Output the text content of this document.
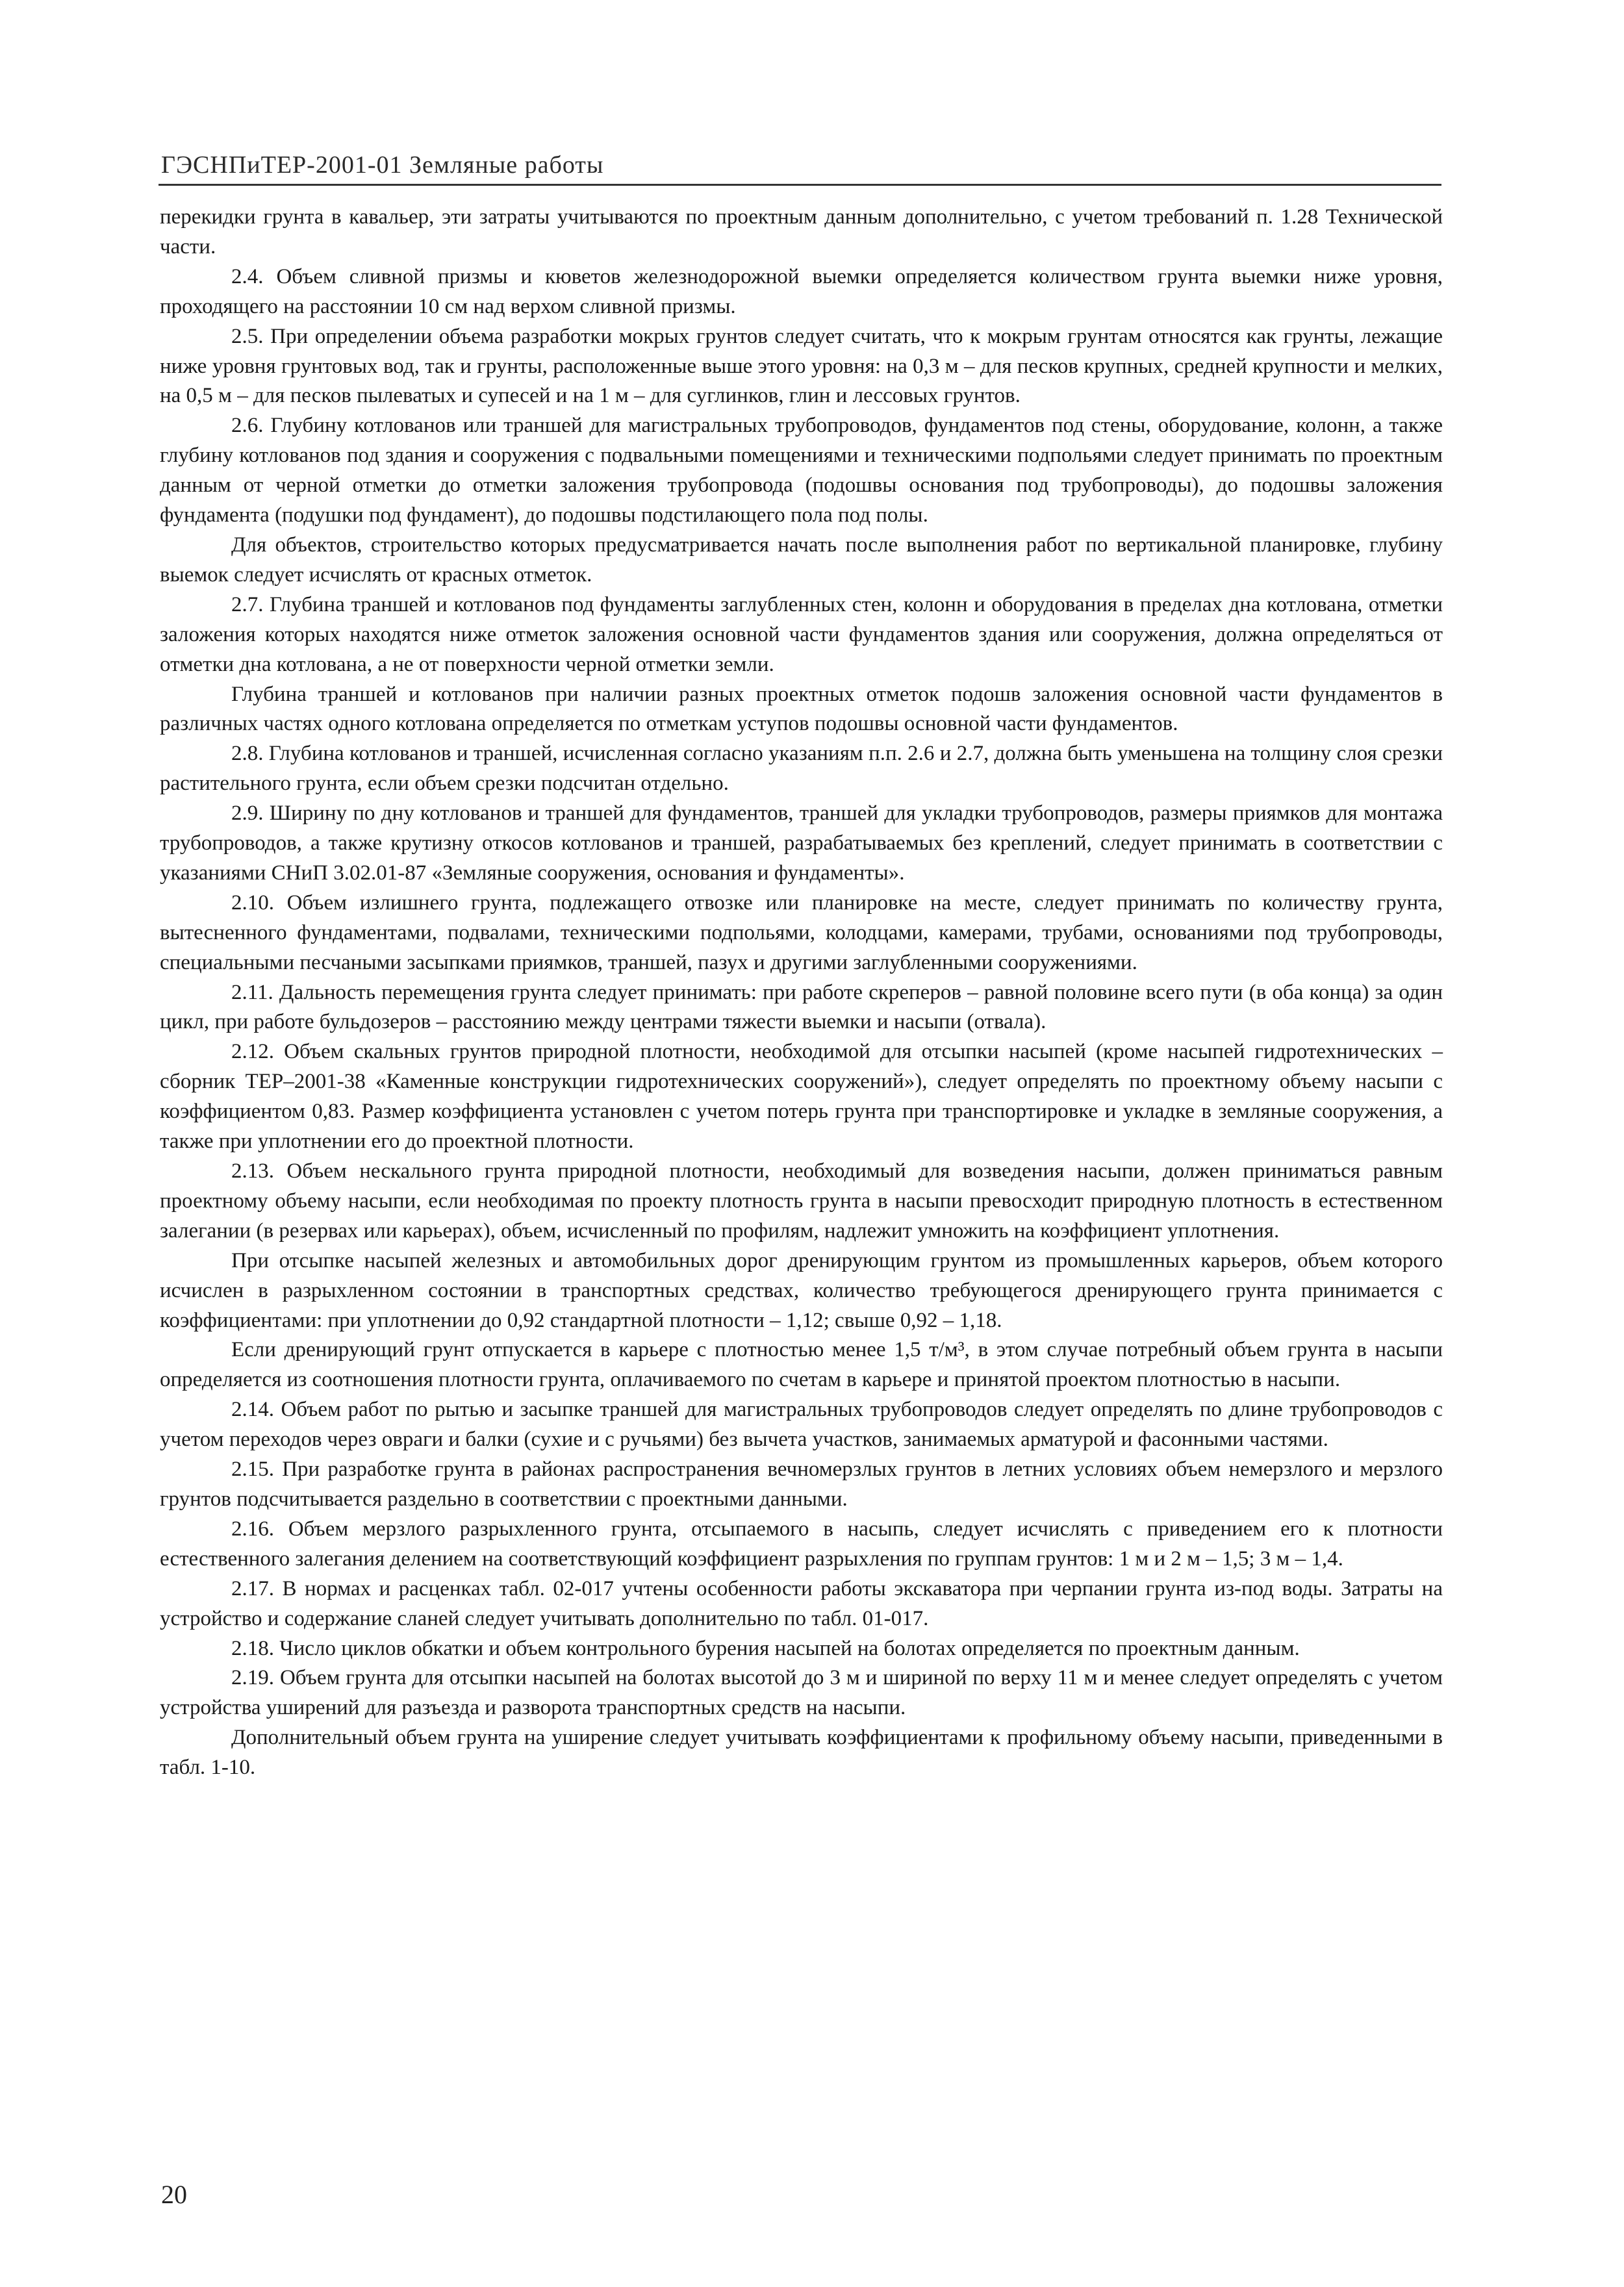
ГЭСНПиТЕР-2001-01 Земляные работы

перекидки грунта в кавальер, эти затраты учитываются по проектным данным дополнительно, с учетом требований п. 1.28 Технической части.

2.4. Объем сливной призмы и кюветов железнодорожной выемки определяется количеством грунта выемки ниже уровня, проходящего на расстоянии 10 см над верхом сливной призмы.

2.5. При определении объема разработки мокрых грунтов следует считать, что к мокрым грунтам относятся как грунты, лежащие ниже уровня грунтовых вод, так и грунты, расположенные выше этого уровня: на 0,3 м – для песков крупных, средней крупности и мелких, на 0,5 м – для песков пылеватых и супесей и на 1 м – для суглинков, глин и лессовых грунтов.

2.6. Глубину котлованов или траншей для магистральных трубопроводов, фундаментов под стены, оборудование, колонн, а также глубину котлованов под здания и сооружения с подвальными помещениями и техническими подпольями следует принимать по проектным данным от черной отметки до отметки заложения трубопровода (подошвы основания под трубопроводы), до подошвы заложения фундамента (подушки под фундамент), до подошвы подстилающего пола под полы.

Для объектов, строительство которых предусматривается начать после выполнения работ по вертикальной планировке, глубину выемок следует исчислять от красных отметок.

2.7. Глубина траншей и котлованов под фундаменты заглубленных стен, колонн и оборудования в пределах дна котлована, отметки заложения которых находятся ниже отметок заложения основной части фундаментов здания или сооружения, должна определяться от отметки дна котлована, а не от поверхности черной отметки земли.

Глубина траншей и котлованов при наличии разных проектных отметок подошв заложения основной части фундаментов в различных частях одного котлована определяется по отметкам уступов подошвы основной части фундаментов.

2.8. Глубина котлованов и траншей, исчисленная согласно указаниям п.п. 2.6 и 2.7, должна быть уменьшена на толщину слоя срезки растительного грунта, если объем срезки подсчитан отдельно.

2.9. Ширину по дну котлованов и траншей для фундаментов, траншей для укладки трубопроводов, размеры приямков для монтажа трубопроводов, а также крутизну откосов котлованов и траншей, разрабатываемых без креплений, следует принимать в соответствии с указаниями СНиП 3.02.01-87 «Земляные сооружения, основания и фундаменты».

2.10. Объем излишнего грунта, подлежащего отвозке или планировке на месте, следует принимать по количеству грунта, вытесненного фундаментами, подвалами, техническими подпольями, колодцами, камерами, трубами, основаниями под трубопроводы, специальными песчаными засыпками приямков, траншей, пазух и другими заглубленными сооружениями.

2.11. Дальность перемещения грунта следует принимать: при работе скреперов – равной половине всего пути (в оба конца) за один цикл, при работе бульдозеров – расстоянию между центрами тяжести выемки и насыпи (отвала).

2.12. Объем скальных грунтов природной плотности, необходимой для отсыпки насыпей (кроме насыпей гидротехнических – сборник ТЕР–2001-38 «Каменные конструкции гидротехнических сооружений»), следует определять по проектному объему насыпи с коэффициентом 0,83. Размер коэффициента установлен с учетом потерь грунта при транспортировке и укладке в земляные сооружения, а также при уплотнении его до проектной плотности.

2.13. Объем нескального грунта природной плотности, необходимый для возведения насыпи, должен приниматься равным проектному объему насыпи, если необходимая по проекту плотность грунта в насыпи превосходит природную плотность в естественном залегании (в резервах или карьерах), объем, исчисленный по профилям, надлежит умножить на коэффициент уплотнения.

При отсыпке насыпей железных и автомобильных дорог дренирующим грунтом из промышленных карьеров, объем которого исчислен в разрыхленном состоянии в транспортных средствах, количество требующегося дренирующего грунта принимается с коэффициентами: при уплотнении до 0,92 стандартной плотности – 1,12; свыше 0,92 – 1,18.

Если дренирующий грунт отпускается в карьере с плотностью менее 1,5 т/м³, в этом случае потребный объем грунта в насыпи определяется из соотношения плотности грунта, оплачиваемого по счетам в карьере и принятой проектом плотностью в насыпи.

2.14. Объем работ по рытью и засыпке траншей для магистральных трубопроводов следует определять по длине трубопроводов с учетом переходов через овраги и балки (сухие и с ручьями) без вычета участков, занимаемых арматурой и фасонными частями.

2.15. При разработке грунта в районах распространения вечномерзлых грунтов в летних условиях объем немерзлого и мерзлого грунтов подсчитывается раздельно в соответствии с проектными данными.

2.16. Объем мерзлого разрыхленного грунта, отсыпаемого в насыпь, следует исчислять с приведением его к плотности естественного залегания делением на соответствующий коэффициент разрыхления по группам грунтов: 1 м и 2 м – 1,5; 3 м – 1,4.

2.17. В нормах и расценках табл. 02-017 учтены особенности работы экскаватора при черпании грунта из-под воды. Затраты на устройство и содержание сланей следует учитывать дополнительно по табл. 01-017.

2.18. Число циклов обкатки и объем контрольного бурения насыпей на болотах определяется по проектным данным.

2.19. Объем грунта для отсыпки насыпей на болотах высотой до 3 м и шириной по верху 11 м и менее следует определять с учетом устройства уширений для разъезда и разворота транспортных средств на насыпи.

Дополнительный объем грунта на уширение следует учитывать коэффициентами к профильному объему насыпи, приведенными в табл. 1-10.

20
